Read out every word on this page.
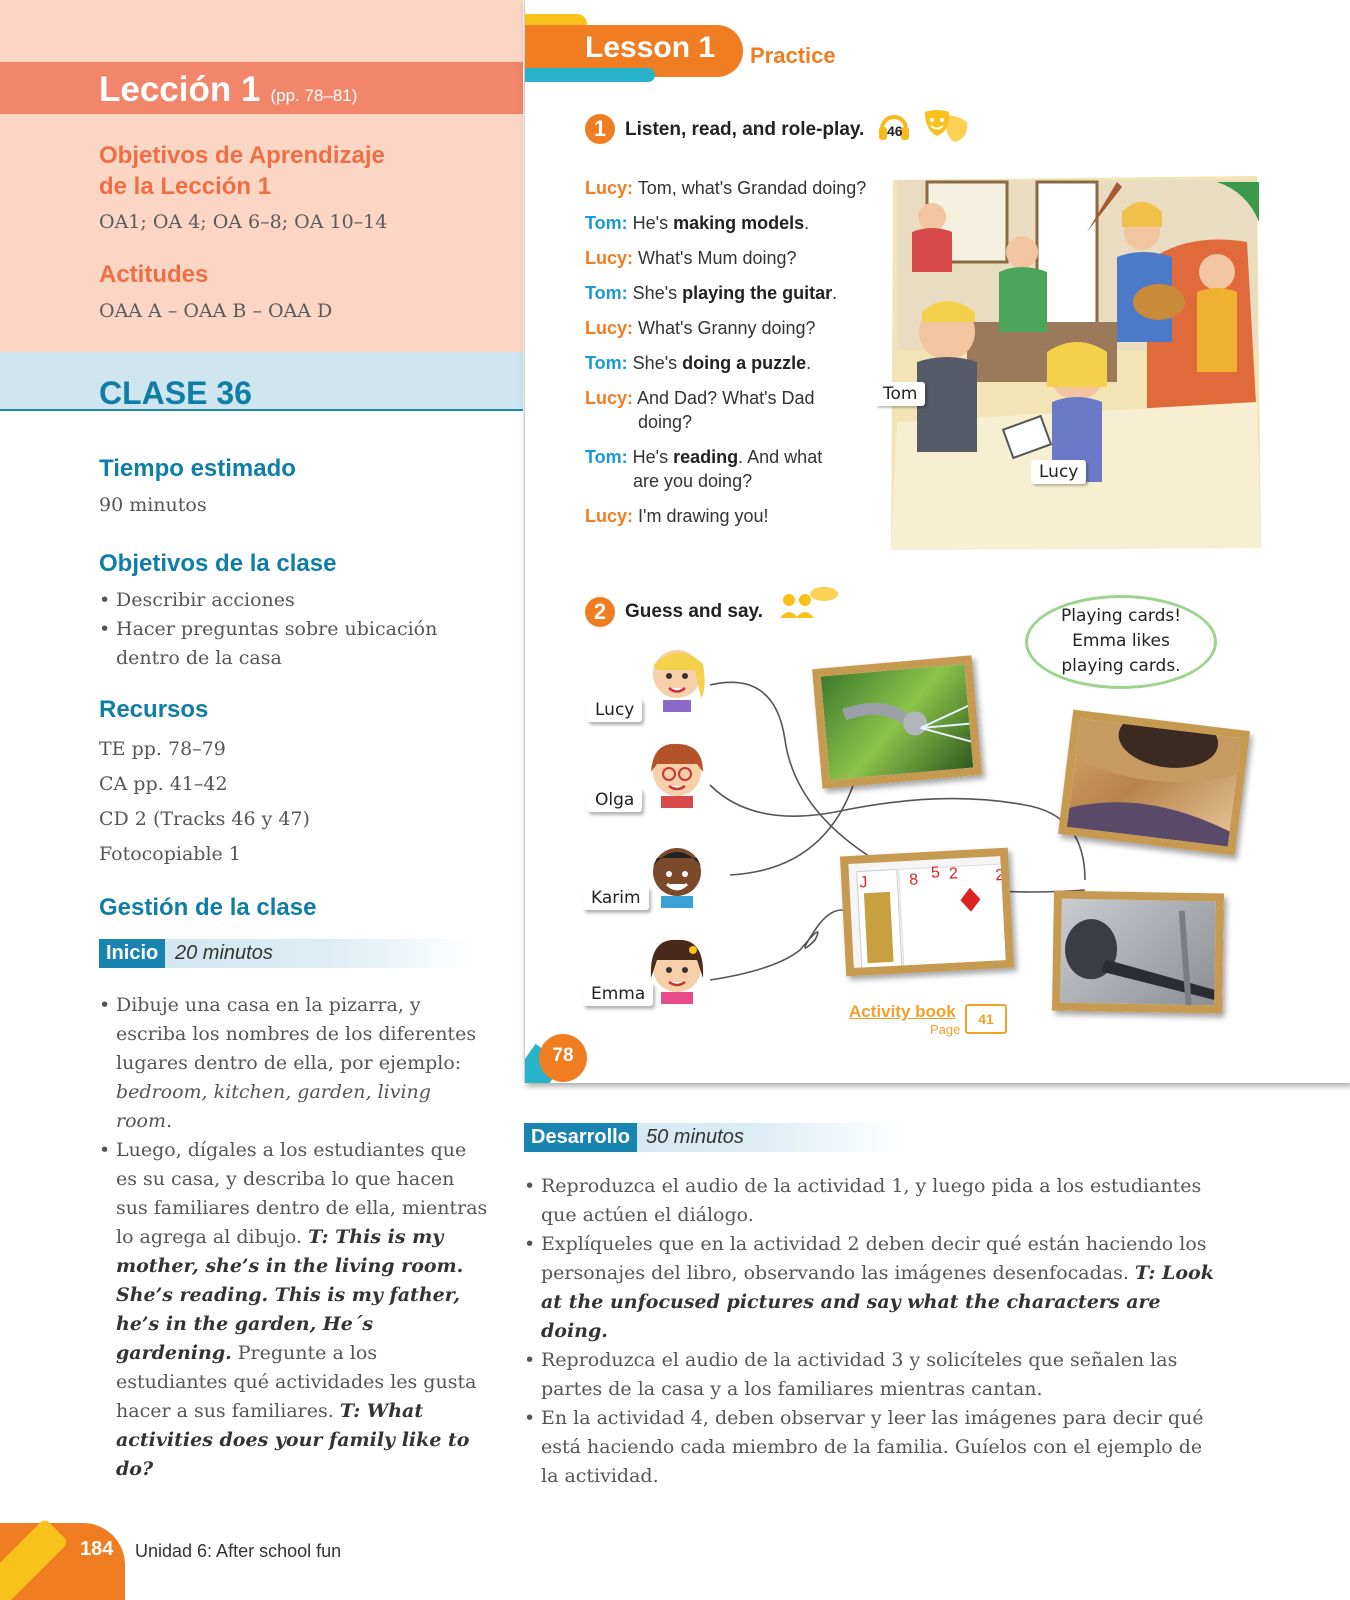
Lección 1 (pp. 78–81)
Objetivos de Aprendizaje
de la Lección 1
OA1; OA 4; OA 6–8; OA 10–14
Actitudes
OAA A – OAA B – OAA D
CLASE 36
Tiempo estimado
90 minutos
Objetivos de la clase
• Describir acciones
• Hacer preguntas sobre ubicación dentro de la casa
Recursos
TE pp. 78–79
CA pp. 41–42
CD 2 (Tracks 46 y 47)
Fotocopiable 1
Gestión de la clase
Inicio 20 minutos
• Dibuje una casa en la pizarra, y escriba los nombres de los diferentes lugares dentro de ella, por ejemplo: bedroom, kitchen, garden, living room.
• Luego, dígales a los estudiantes que es su casa, y describa lo que hacen sus familiares dentro de ella, mientras lo agrega al dibujo. T: This is my mother, she’s in the living room. She’s reading. This is my father, he’s in the garden, He´s gardening. Pregunte a los estudiantes qué actividades les gusta hacer a sus familiares. T: What activities does your family like to do?
Lesson 1 Practice
1 Listen, read, and role-play. 46
Lucy: Tom, what's Grandad doing?
Tom: He's making models.
Lucy: What's Mum doing?
Tom: She's playing the guitar.
Lucy: What's Granny doing?
Tom: She's doing a puzzle.
Lucy: And Dad? What's Dad
doing?
Tom: He's reading. And what
are you doing?
Lucy: I'm drawing you!
Tom
Lucy
2 Guess and say.
Lucy
Olga
Karim
Emma
Playing cards!
Emma likes
playing cards.
J	8 5 2 2
Activity book
Page
41
78
Desarrollo 50 minutos
• Reproduzca el audio de la actividad 1, y luego pida a los estudiantes que actúen el diálogo.
• Explíqueles que en la actividad 2 deben decir qué están haciendo los personajes del libro, observando las imágenes desenfocadas. T: Look at the unfocused pictures and say what the characters are doing.
• Reproduzca el audio de la actividad 3 y solicíteles que señalen las partes de la casa y a los familiares mientras cantan.
• En la actividad 4, deben observar y leer las imágenes para decir qué está haciendo cada miembro de la familia. Guíelos con el ejemplo de la actividad.
184 Unidad 6: After school fun
